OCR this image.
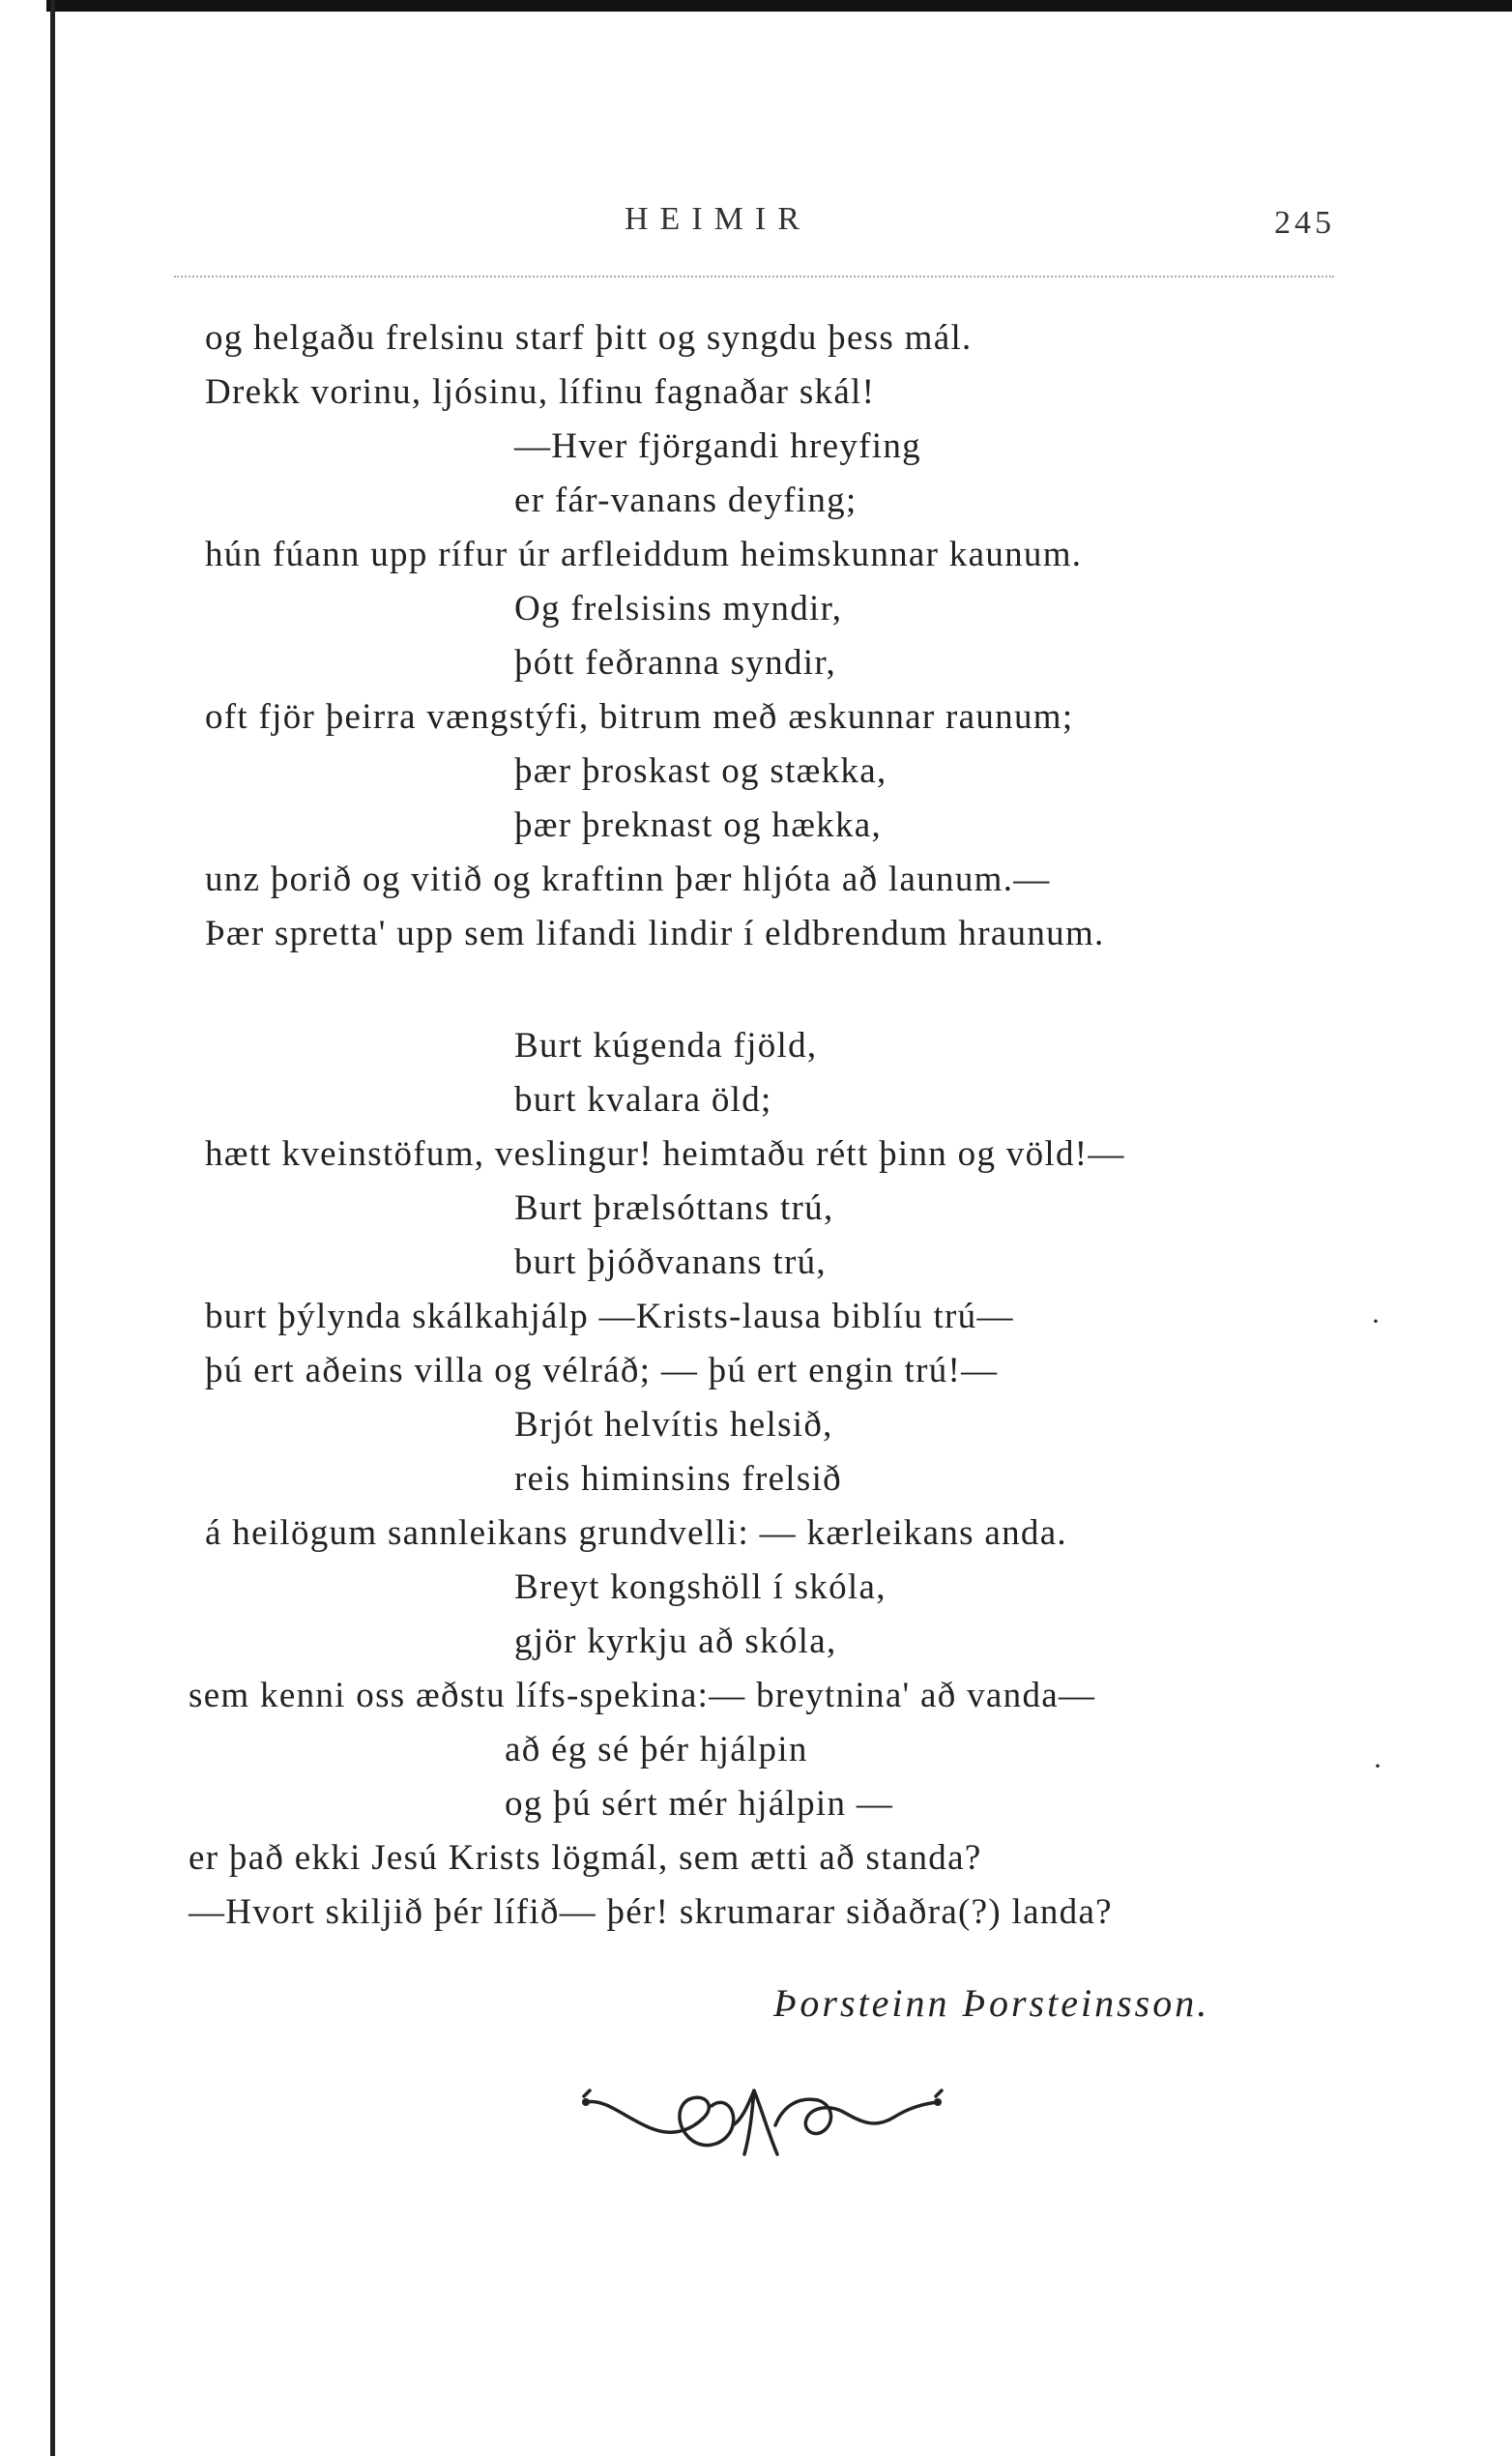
HEIMIR	245
og helgaðu frelsinu starf þitt og syngdu þess mál.
Drekk vorinu, ljósinu, lífinu fagnaðar skál!
—Hver fjörgandi hreyfing
er fár-vanans deyfing;
hún fúann upp rífur úr arfleiddum heimskunnar kaunum.
Og frelsisins myndir,
þótt feðranna syndir,
oft fjör þeirra vængstýfi, bitrum með æskunnar raunum;
þær þroskast og stækka,
þær þreknast og hækka,
unz þorið og vitið og kraftinn þær hljóta að launum.—
Þær spretta' upp sem lifandi lindir í eldbrendum hraunum.
Burt kúgenda fjöld,
burt kvalara öld;
hætt kveinstöfum, veslingur! heimtaðu rétt þinn og völd!—
Burt þrælsóttans trú,
burt þjóðvanans trú,
burt þýlynda skálkahjálp —Krists-lausa biblíu trú—
þú ert aðeins villa og vélráð; — þú ert engin trú!—
Brjót helvítis helsið,
reis himinsins frelsið
á heilögum sannleikans grundvelli: — kærleikans anda.
Breyt kongshöll í skóla,
gjör kyrkju að skóla,
sem kenni oss æðstu lífs-spekina:— breytnina' að vanda—
að ég sé þér hjálpin
og þú sért mér hjálpin —
er það ekki Jesú Krists lögmál, sem ætti að standa?
—Hvort skiljið þér lífið— þér! skrumarar siðaðra(?) landa?
Þorsteinn Þorsteinsson.
·
·
